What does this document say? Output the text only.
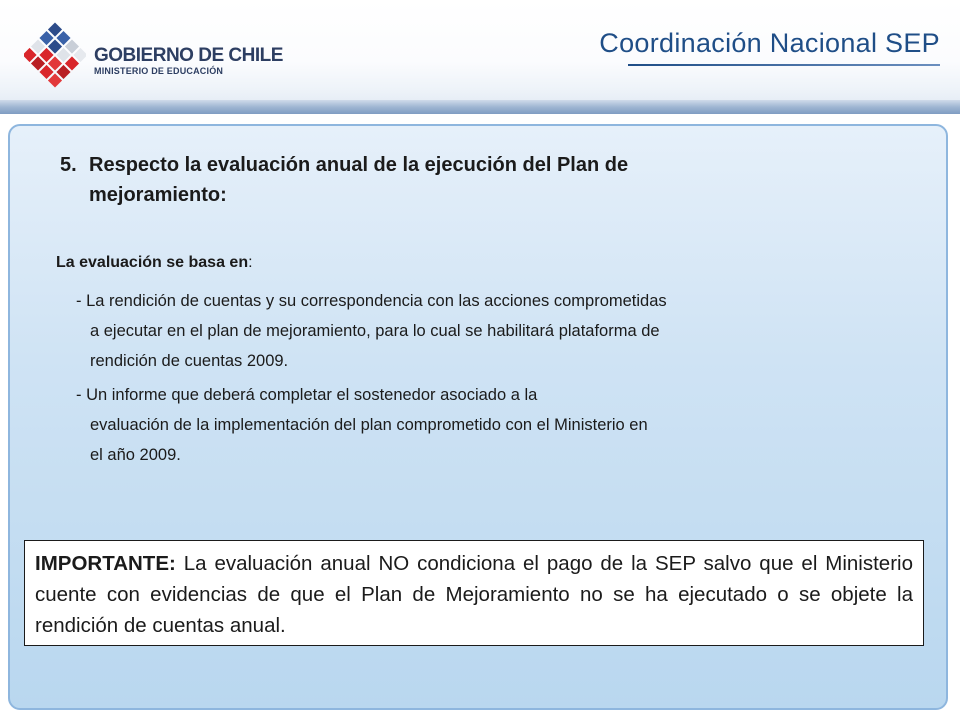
GOBIERNO DE CHILE
MINISTERIO DE EDUCACIÓN
Coordinación Nacional SEP
5. Respecto la evaluación anual de la ejecución del Plan de
mejoramiento:
La evaluación se basa en:
- La rendición de cuentas y su correspondencia con las acciones comprometidas
a ejecutar en el plan de mejoramiento, para lo cual se habilitará plataforma de
rendición de cuentas 2009.
- Un informe que deberá completar el sostenedor asociado a la
evaluación de la implementación del plan comprometido con el Ministerio en
el año 2009.
IMPORTANTE: La evaluación anual NO condiciona el pago de la SEP salvo que el Ministerio cuente con evidencias de que el Plan de Mejoramiento no se ha ejecutado o se objete la rendición de cuentas anual.
